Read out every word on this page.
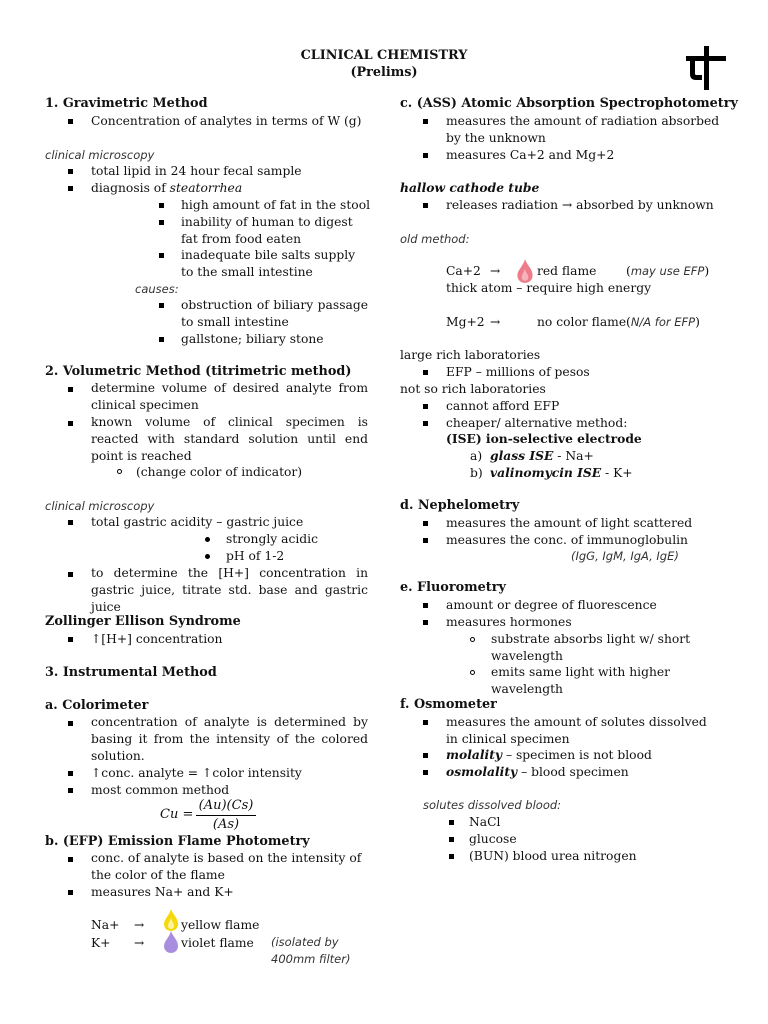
CLINICAL CHEMISTRY
(Prelims)
1. Gravimetric Method
Concentration of analytes in terms of W (g)
clinical microscopy
total lipid in 24 hour fecal sample
diagnosis of steatorrhea
high amount of fat in the stool
inability of human to digest fat from food eaten
inadequate bile salts supply to the small intestine
causes:
obstruction of biliary passage to small intestine
gallstone; biliary stone
2. Volumetric Method (titrimetric method)
determine volume of desired analyte from clinical specimen
known volume of clinical specimen is reacted with standard solution until end point is reached
(change color of indicator)
clinical microscopy
total gastric acidity – gastric juice
strongly acidic
pH of 1-2
to determine the [H+] concentration in gastric juice, titrate std. base and gastric juice
Zollinger Ellison Syndrome
↑[H+] concentration
3. Instrumental Method
a. Colorimeter
concentration of analyte is determined by basing it from the intensity of the colored solution.
↑conc. analyte = ↑color intensity
most common method
Cu =
(Au)(Cs)
(As)
b. (EFP) Emission Flame Photometry
conc. of analyte is based on the intensity of the color of the flame
measures Na+ and K+
Na+ →	yellow flame
K+ →	violet flame (isolated by 400mm filter)
c. (ASS) Atomic Absorption Spectrophotometry
measures the amount of radiation absorbed by the unknown
measures Ca+2 and Mg+2
hallow cathode tube
releases radiation → absorbed by unknown
old method:
Ca+2 →	red flame (may use EFP)
thick atom – require high energy
Mg+2 →	no color flame (N/A for EFP)
large rich laboratories
EFP – millions of pesos
not so rich laboratories
cannot afford EFP
cheaper/ alternative method:
(ISE) ion-selective electrode
a) glass ISE - Na+
b) valinomycin ISE - K+
d. Nephelometry
measures the amount of light scattered
measures the conc. of immunoglobulin
(IgG, IgM, IgA, IgE)
e. Fluorometry
amount or degree of fluorescence
measures hormones
substrate absorbs light w/ short wavelength
emits same light with higher wavelength
f. Osmometer
measures the amount of solutes dissolved in clinical specimen
molality – specimen is not blood
osmolality – blood specimen
solutes dissolved blood:
NaCl
glucose
(BUN) blood urea nitrogen
